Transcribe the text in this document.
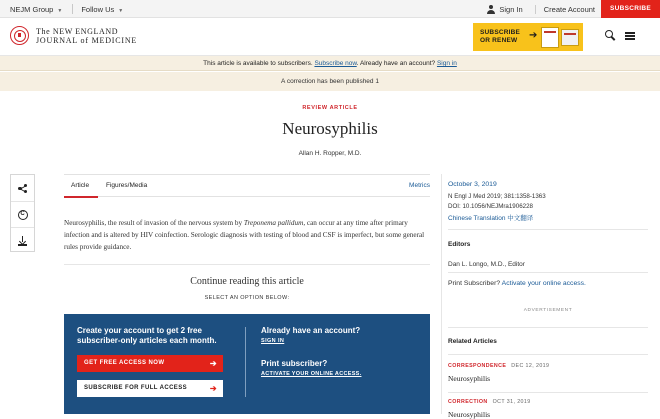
NEJM Group ▼	Follow Us ▼	Sign In	Create Account	SUBSCRIBE
The NEW ENGLAND
JOURNAL of MEDICINE
SUBSCRIBE
OR RENEW ➔
This article is available to subscribers. Subscribe now. Already have an account? Sign in
A correction has been published 1
REVIEW ARTICLE
Neurosyphilis
Allan H. Ropper, M.D.
C
Article	Figures/Media	Metrics

Neurosyphilis, the result of invasion of the nervous system by Treponema pallidum, can occur at any time after primary infection and is altered by HIV coinfection. Serologic diagnosis with testing of blood and CSF is imperfect, but some general rules provide guidance.

Continue reading this article
SELECT AN OPTION BELOW:
Create your account to get 2 free
subscriber-only articles each month.
GET FREE ACCESS NOW	➔
SUBSCRIBE FOR FULL ACCESS	➔
Already have an account?
SIGN IN
Print subscriber?
ACTIVATE YOUR ONLINE ACCESS.
October 3, 2019
N Engl J Med 2019; 381:1358-1363
DOI: 10.1056/NEJMra1906228
Chinese Translation 中文翻译
Editors
Dan L. Longo, M.D., Editor
Print Subscriber? Activate your online access.
ADVERTISEMENT
Related Articles
CORRESPONDENCE DEC 12, 2019
Neurosyphilis
CORRECTION OCT 31, 2019
Neurosyphilis
